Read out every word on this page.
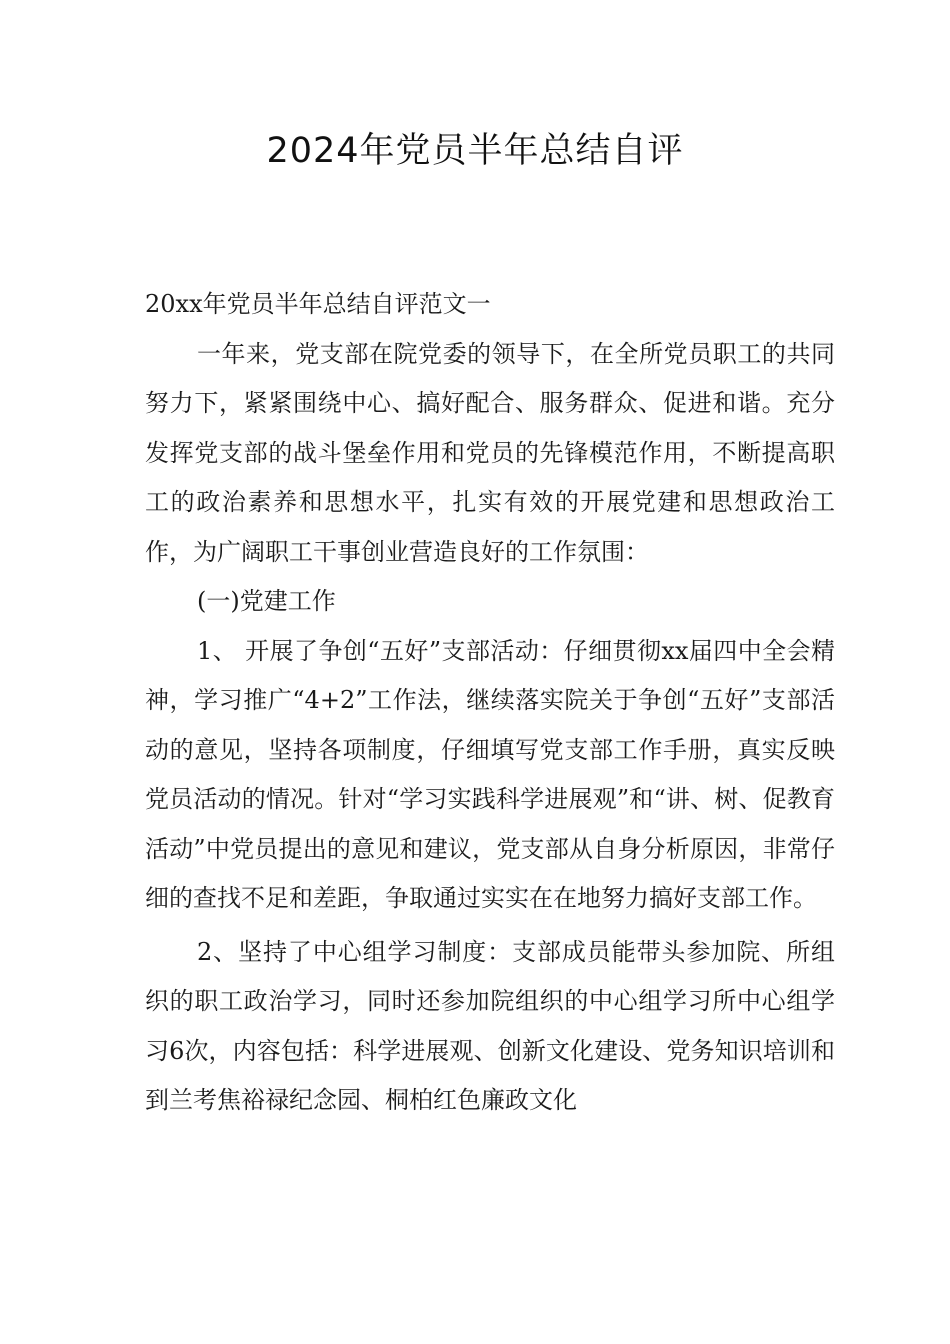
2024年党员半年总结自评

20xx年党员半年总结自评范文一

一年来，党支部在院党委的领导下，在全所党员职工的共同努力下，紧紧围绕中心、搞好配合、服务群众、促进和谐。充分发挥党支部的战斗堡垒作用和党员的先锋模范作用，不断提高职工的政治素养和思想水平，扎实有效的开展党建和思想政治工作，为广阔职工干事创业营造良好的工作氛围：

(一)党建工作

1、 开展了争创“五好”支部活动：仔细贯彻xx届四中全会精神，学习推广“4+2”工作法，继续落实院关于争创“五好”支部活动的意见，坚持各项制度，仔细填写党支部工作手册，真实反映党员活动的情况。针对“学习实践科学进展观”和“讲、树、促教育活动”中党员提出的意见和建议，党支部从自身分析原因，非常仔细的查找不足和差距，争取通过实实在在地努力搞好支部工作。

2、坚持了中心组学习制度：支部成员能带头参加院、所组织的职工政治学习，同时还参加院组织的中心组学习所中心组学习6次，内容包括：科学进展观、创新文化建设、党务知识培训和到兰考焦裕禄纪念园、桐柏红色廉政文化
